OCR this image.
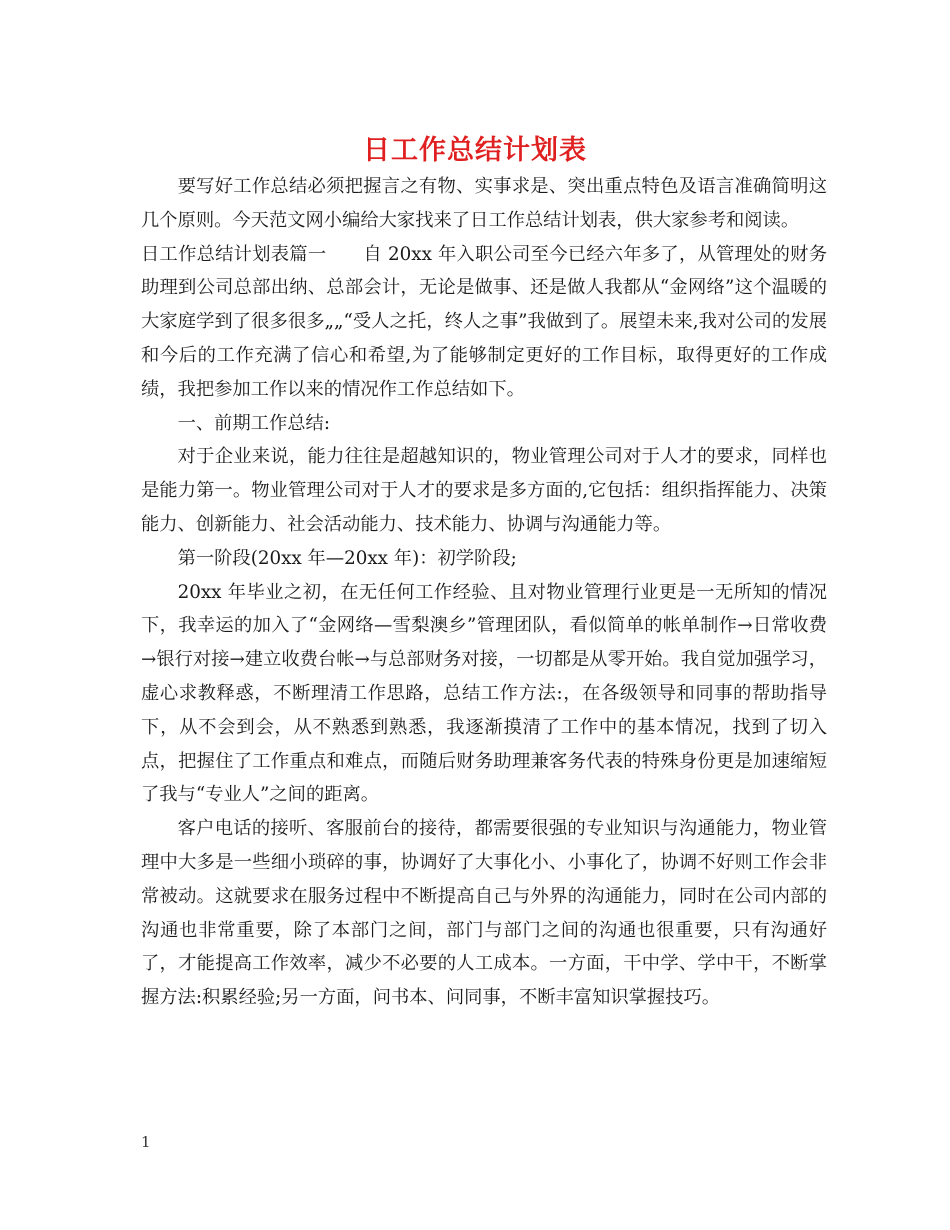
日工作总结计划表

要写好工作总结必须把握言之有物、实事求是、突出重点特色及语言准确简明这几个原则。今天范文网小编给大家找来了日工作总结计划表，供大家参考和阅读。

日工作总结计划表篇一　　自 20xx 年入职公司至今已经六年多了，从管理处的财务助理到公司总部出纳、总部会计，无论是做事、还是做人我都从“金网络”这个温暖的大家庭学到了很多很多„„“受人之托，终人之事”我做到了。展望未来,我对公司的发展和今后的工作充满了信心和希望,为了能够制定更好的工作目标，取得更好的工作成绩，我把参加工作以来的情况作工作总结如下。

一、前期工作总结:

对于企业来说，能力往往是超越知识的，物业管理公司对于人才的要求，同样也是能力第一。物业管理公司对于人才的要求是多方面的,它包括：组织指挥能力、决策能力、创新能力、社会活动能力、技术能力、协调与沟通能力等。

第一阶段(20xx 年—20xx 年)：初学阶段;

20xx 年毕业之初，在无任何工作经验、且对物业管理行业更是一无所知的情况下，我幸运的加入了“金网络—雪梨澳乡”管理团队，看似简单的帐单制作→日常收费→银行对接→建立收费台帐→与总部财务对接，一切都是从零开始。我自觉加强学习，虚心求教释惑，不断理清工作思路，总结工作方法:，在各级领导和同事的帮助指导下，从不会到会，从不熟悉到熟悉，我逐渐摸清了工作中的基本情况，找到了切入点，把握住了工作重点和难点，而随后财务助理兼客务代表的特殊身份更是加速缩短了我与“专业人”之间的距离。

客户电话的接听、客服前台的接待，都需要很强的专业知识与沟通能力，物业管理中大多是一些细小琐碎的事，协调好了大事化小、小事化了，协调不好则工作会非常被动。这就要求在服务过程中不断提高自己与外界的沟通能力，同时在公司内部的沟通也非常重要，除了本部门之间，部门与部门之间的沟通也很重要，只有沟通好了，才能提高工作效率，减少不必要的人工成本。一方面，干中学、学中干，不断掌握方法:积累经验;另一方面，问书本、问同事，不断丰富知识掌握技巧。

1
